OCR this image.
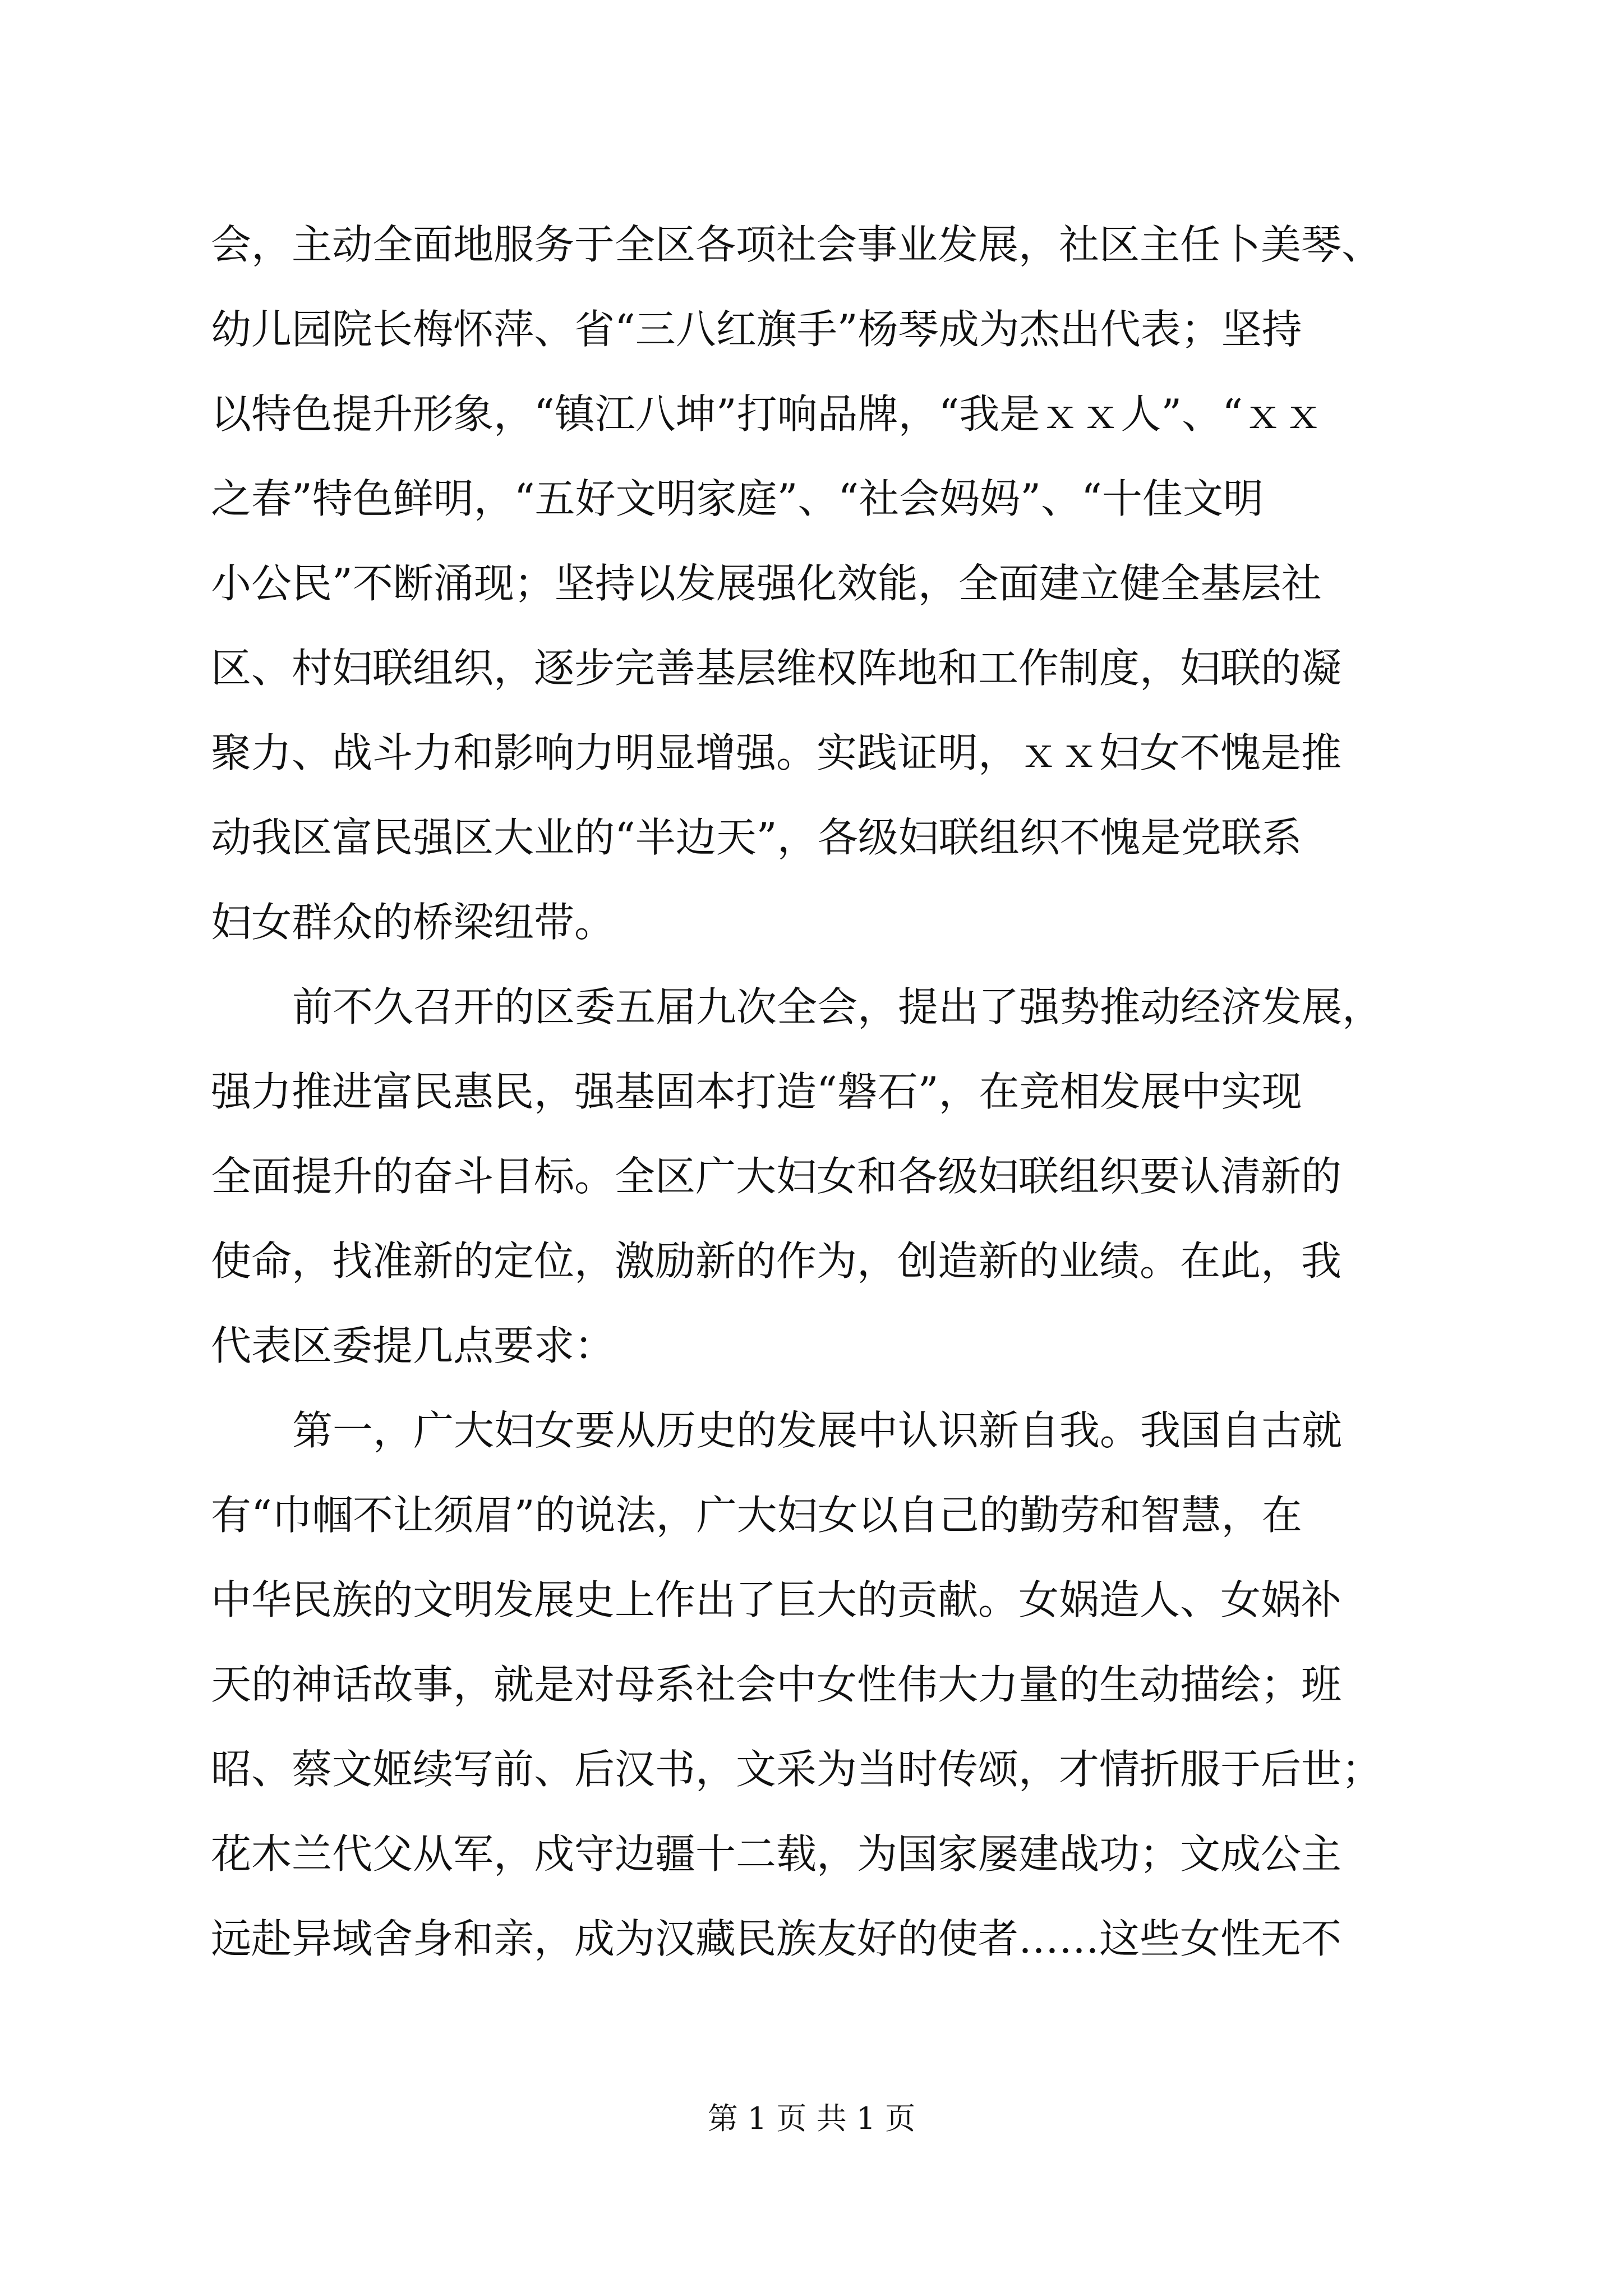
会，主动全面地服务于全区各项社会事业发展，社区主任卜美琴、
幼儿园院长梅怀萍、省“三八红旗手”杨琴成为杰出代表；坚持
以特色提升形象，“镇江八坤”打响品牌，“我是ｘｘ人”、“ｘｘ
之春”特色鲜明，“五好文明家庭”、“社会妈妈”、“十佳文明
小公民”不断涌现；坚持以发展强化效能，全面建立健全基层社
区、村妇联组织，逐步完善基层维权阵地和工作制度，妇联的凝
聚力、战斗力和影响力明显增强。实践证明，ｘｘ妇女不愧是推
动我区富民强区大业的“半边天”，各级妇联组织不愧是党联系
妇女群众的桥梁纽带。
前不久召开的区委五届九次全会，提出了强势推动经济发展，
强力推进富民惠民，强基固本打造“磐石”，在竞相发展中实现
全面提升的奋斗目标。全区广大妇女和各级妇联组织要认清新的
使命，找准新的定位，激励新的作为，创造新的业绩。在此，我
代表区委提几点要求：
第一，广大妇女要从历史的发展中认识新自我。我国自古就
有“巾帼不让须眉”的说法，广大妇女以自己的勤劳和智慧，在
中华民族的文明发展史上作出了巨大的贡献。女娲造人、女娲补
天的神话故事，就是对母系社会中女性伟大力量的生动描绘；班
昭、蔡文姬续写前、后汉书，文采为当时传颂，才情折服于后世；
花木兰代父从军，戍守边疆十二载，为国家屡建战功；文成公主
远赴异域舍身和亲，成为汉藏民族友好的使者……这些女性无不
第 1 页 共 1 页
